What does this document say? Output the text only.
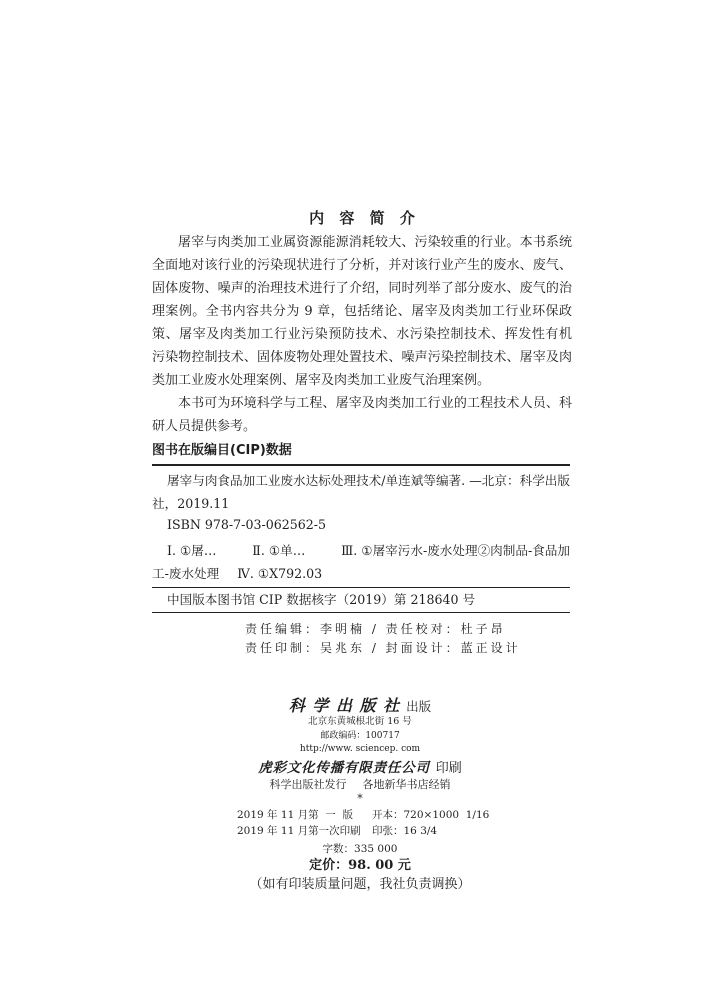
内 容 简 介
屠宰与肉类加工业属资源能源消耗较大、污染较重的行业。本书系统
全面地对该行业的污染现状进行了分析，并对该行业产生的废水、废气、
固体废物、噪声的治理技术进行了介绍，同时列举了部分废水、废气的治
理案例。全书内容共分为 9 章，包括绪论、屠宰及肉类加工行业环保政
策、屠宰及肉类加工行业污染预防技术、水污染控制技术、挥发性有机
污染物控制技术、固体废物处理处置技术、噪声污染控制技术、屠宰及肉
类加工业废水处理案例、屠宰及肉类加工业废气治理案例。
本书可为环境科学与工程、屠宰及肉类加工行业的工程技术人员、科
研人员提供参考。
图书在版编目(CIP)数据
屠宰与肉食品加工业废水达标处理技术/单连斌等编著. —北京：科学出版
社，2019.11
ISBN 978-7-03-062562-5
Ⅰ. ①屠…	Ⅱ. ①单…	Ⅲ. ①屠宰污水-废水处理②肉制品-食品加
工-废水处理 Ⅳ. ①X792.03
中国版本图书馆 CIP 数据核字（2019）第 218640 号
责任编辑：李明楠 / 责任校对：杜子昂
责任印制：吴兆东 / 封面设计：蓝正设计
科 学 出 版 社 出版
北京东黄城根北街 16 号
邮政编码：100717
http://www. sciencep. com
虎彩文化传播有限责任公司 印刷
科学出版社发行 各地新华书店经销
*
2019 年 11 月第  一  版 开本：720×1000  1/16
2019 年 11 月第一次印刷 印张：16 3/4
字数：335 000
定价：98. 00 元
（如有印装质量问题，我社负责调换）
